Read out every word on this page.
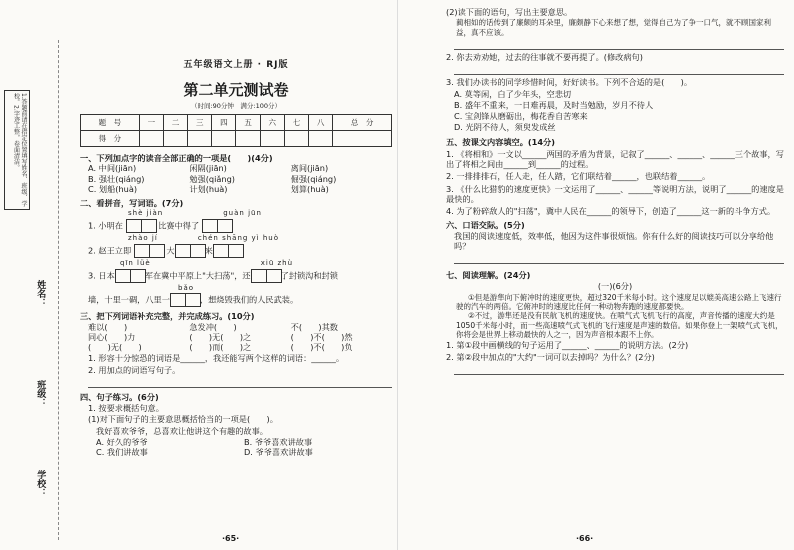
1.答题前请在指定位置填写姓名、班级、学校。2.字迹工整，卷面清洁。
姓名：
班级：
学校：
五年级语文上册 · RJ版
第二单元测试卷
（时间:90分钟　满分:100分）
题　号	一	二	三	四	五	六	七	八	总　分
得　分									
一、下列加点字的读音全部正确的一项是(　　)(4分)
A. 中间(jiān)	闲隔(jiān)	离间(jiān)
B. 强壮(qiáng)	勉强(qiǎng)	倔强(qiáng)
C. 划船(huà)	计划(huà)	划算(huà)
二、看拼音，写词语。(7分)
shè jiàn	guàn jūn
1. 小明在	比赛中得了
zhào jí	chén shāng yì huò
2. 赵王立即	大	来
qīn lüè	xiū zhù
3. 日本	军在冀中平原上"大扫荡"，还	了封锁沟和封锁
bǎo
墙，十里一碉，八里一	，想烧毁我们的人民武装。
三、把下列词语补充完整，并完成练习。(10分)
难以(　　)	急发冲(　　)	不(　　)其数
同心(　　)力	(　　)无(　　)之	(　　)不(　　)然
(　　)无(　　)	(　　)而(　　)之	(　　)不(　　)负
1. 形容十分惊恐的词语是______，我还能写两个这样的词语：______。
2. 用加点的词语写句子。
四、句子练习。(6分)
1. 按要求概括句意。
(1)对下面句子的主要意思概括恰当的一项是(　　)。
我好喜欢爷爷，总喜欢让他讲这个有趣的故事。
A. 好久的爷爷	B. 爷爷喜欢讲故事
C. 我们讲故事	D. 爷爷喜欢讲故事
·65·
(2)读下面的语句，写出主要意思。
蔺相如的话传到了廉颇的耳朵里，廉颇静下心来想了想，觉得自己为了争一口气，就不顾国家利益，真不应该。
2. 你去劝劝她，过去的往事就不要再提了。(修改病句)
3. 我们办读书的同学珍惜时间，好好读书。下列不合适的是(　　)。
A. 莫等闲，白了少年头，空悲切
B. 盛年不重来，一日难再晨，及时当勉励，岁月不待人
C. 宝剑锋从磨砺出，梅花香自苦寒来
D. 光阴不待人，须臾发成丝
五、按课文内容填空。(14分)
1. 《将相和》一文以______两国的矛盾为背景，记叙了______、______、______三个故事，写出了将相之间由______到______的过程。
2. 一排排排石，任人走，任人踏，它们联结着______，也联结着______。
3. 《什么比猎豹的速度更快》一文运用了______、______等说明方法，说明了______的速度是最快的。
4. 为了粉碎敌人的"扫荡"，冀中人民在______的领导下，创造了______这一新的斗争方式。
六、口语交际。(5分)
我国的阅读速度低，效率低，他因为这件事很烦恼。你有什么好的阅读技巧可以分享给他吗？
七、阅读理解。(24分)
(一)(6分)
①但是游隼向下俯冲时的速度更快，超过320千米每小时。这个速度足以媲美高速公路上飞速行驶的汽车的两倍。它俯冲时的速度比任何一种动物奔跑的速度都要快。
②不过，游隼还是没有民航飞机的速度快。在喷气式飞机飞行的高度，声音传播的速度大约是1050千米每小时，而一些高速喷气式飞机的飞行速度是声速的数倍。如果你登上一架喷气式飞机，你将会是世界上移动最快的人之一，因为声音根本跟不上你。
1. 第①段中画横线的句子运用了______、______的说明方法。(2分)
2. 第②段中加点的"大约"一词可以去掉吗？为什么？(2分)
·66·
